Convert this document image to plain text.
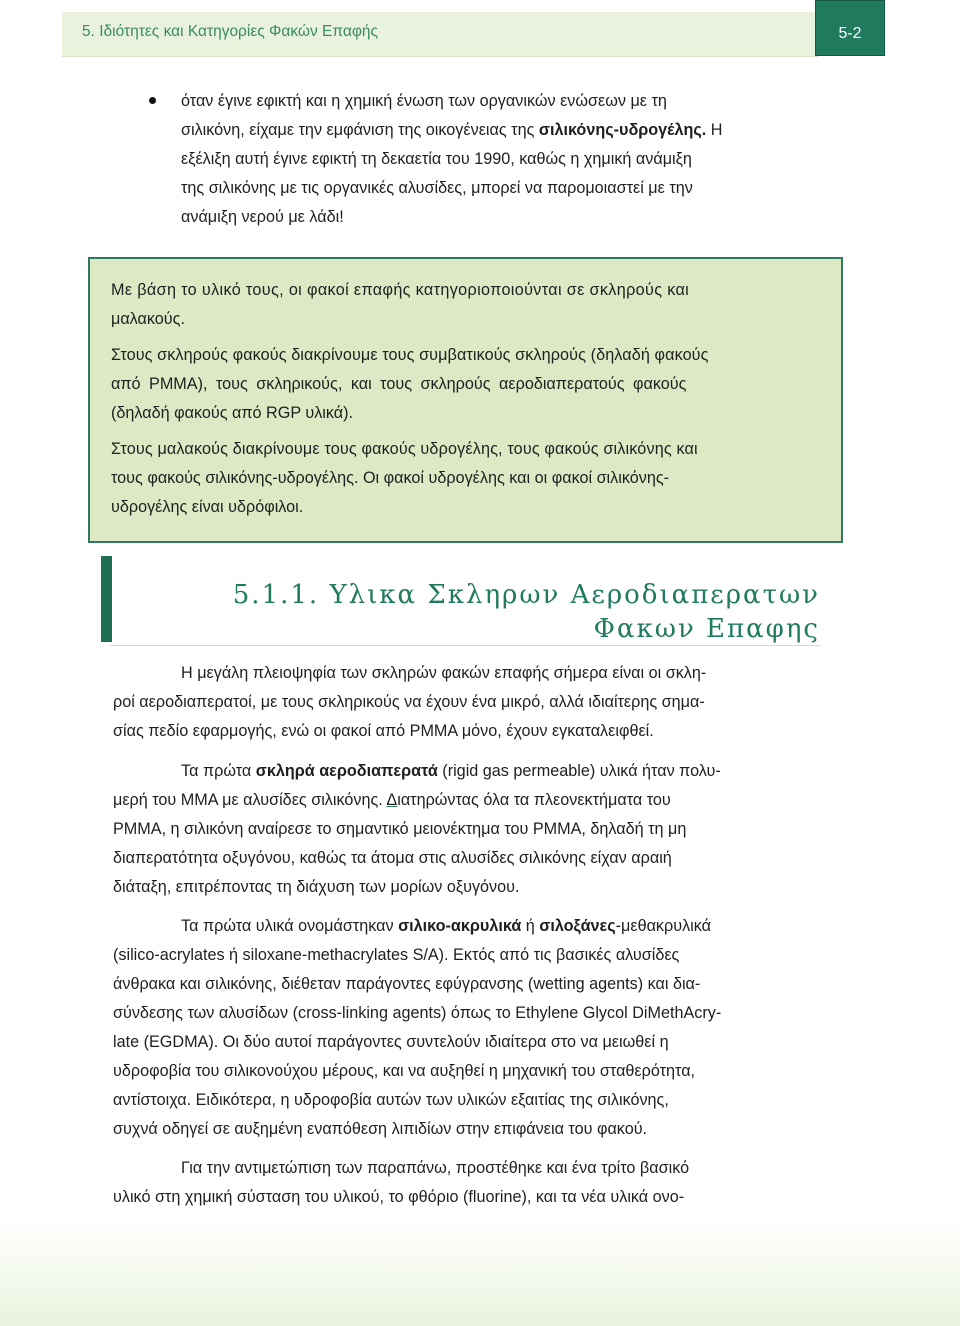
5. Ιδιότητες και Κατηγορίες Φακών Επαφής	5-2
όταν έγινε εφικτή και η χημική ένωση των οργανικών ενώσεων με τη
σιλικόνη, είχαμε την εμφάνιση της οικογένειας της σιλικόνης-υδρογέλης. Η
εξέλιξη αυτή έγινε εφικτή τη δεκαετία του 1990, καθώς η χημική ανάμιξη
της σιλικόνης με τις οργανικές αλυσίδες, μπορεί να παρομοιαστεί με την
ανάμιξη νερού με λάδι!
Με βάση το υλικό τους, οι φακοί επαφής κατηγοριοποιούνται σε σκληρούς και
μαλακούς.
Στους σκληρούς φακούς διακρίνουμε τους συμβατικούς σκληρούς (δηλαδή φακούς
από PMMA), τους σκληρικούς, και τους σκληρούς αεροδιαπερατούς φακούς
(δηλαδή φακούς από RGP υλικά).
Στους μαλακούς διακρίνουμε τους φακούς υδρογέλης, τους φακούς σιλικόνης και
τους φακούς σιλικόνης-υδρογέλης. Οι φακοί υδρογέλης και οι φακοί σιλικόνης-
υδρογέλης είναι υδρόφιλοι.
5.1.1. Υλικα Σκληρων Αεροδιαπερατων
Φακων Επαφης
Η μεγάλη πλειοψηφία των σκληρών φακών επαφής σήμερα είναι οι σκλη-
ροί αεροδιαπερατοί, με τους σκληρικούς να έχουν ένα μικρό, αλλά ιδιαίτερης σημα-
σίας πεδίο εφαρμογής, ενώ οι φακοί από PMMA μόνο, έχουν εγκαταλειφθεί.
Τα πρώτα σκληρά αεροδιαπερατά (rigid gas permeable) υλικά ήταν πολυ-
μερή του ΜΜΑ με αλυσίδες σιλικόνης. Διατηρώντας όλα τα πλεονεκτήματα του
PMMA, η σιλικόνη αναίρεσε το σημαντικό μειονέκτημα του PMMA, δηλαδή τη μη
διαπερατότητα οξυγόνου, καθώς τα άτομα στις αλυσίδες σιλικόνης είχαν αραιή
διάταξη, επιτρέποντας τη διάχυση των μορίων οξυγόνου.
Τα πρώτα υλικά ονομάστηκαν σιλικο-ακρυλικά ή σιλοξάνες-μεθακρυλικά
(silico-acrylates ή siloxane-methacrylates S/A). Εκτός από τις βασικές αλυσίδες
άνθρακα και σιλικόνης, διέθεταν παράγοντες εφύγρανσης (wetting agents) και δια-
σύνδεσης των αλυσίδων (cross-linking agents) όπως το Ethylene Glycol DiMethAcry-
late (EGDMA). Οι δύο αυτοί παράγοντες συντελούν ιδιαίτερα στο να μειωθεί η
υδροφοβία του σιλικονούχου μέρους, και να αυξηθεί η μηχανική του σταθερότητα,
αντίστοιχα. Ειδικότερα, η υδροφοβία αυτών των υλικών εξαιτίας της σιλικόνης,
συχνά οδηγεί σε αυξημένη εναπόθεση λιπιδίων στην επιφάνεια του φακού.
Για την αντιμετώπιση των παραπάνω, προστέθηκε και ένα τρίτο βασικό
υλικό στη χημική σύσταση του υλικού, το φθόριο (fluorine), και τα νέα υλικά ονο-
